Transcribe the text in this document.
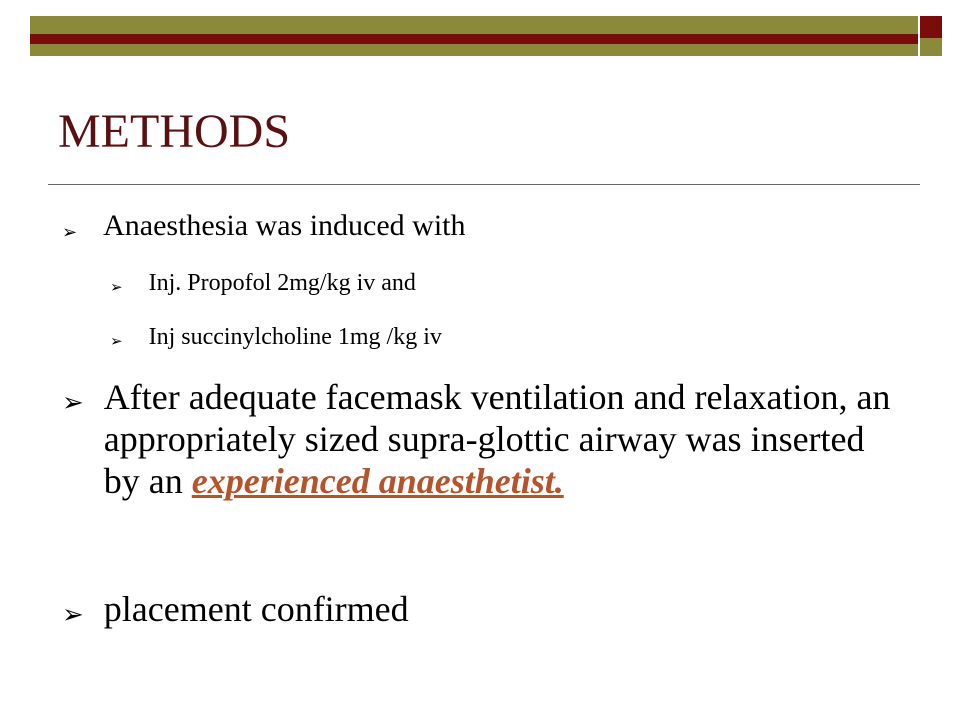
METHODS
➢ Anaesthesia was induced with
➢ Inj. Propofol 2mg/kg iv and
➢ Inj succinylcholine 1mg /kg iv
➢ After adequate facemask ventilation and relaxation, an appropriately sized supra-glottic airway was inserted by an experienced anaesthetist.
➢ placement confirmed
